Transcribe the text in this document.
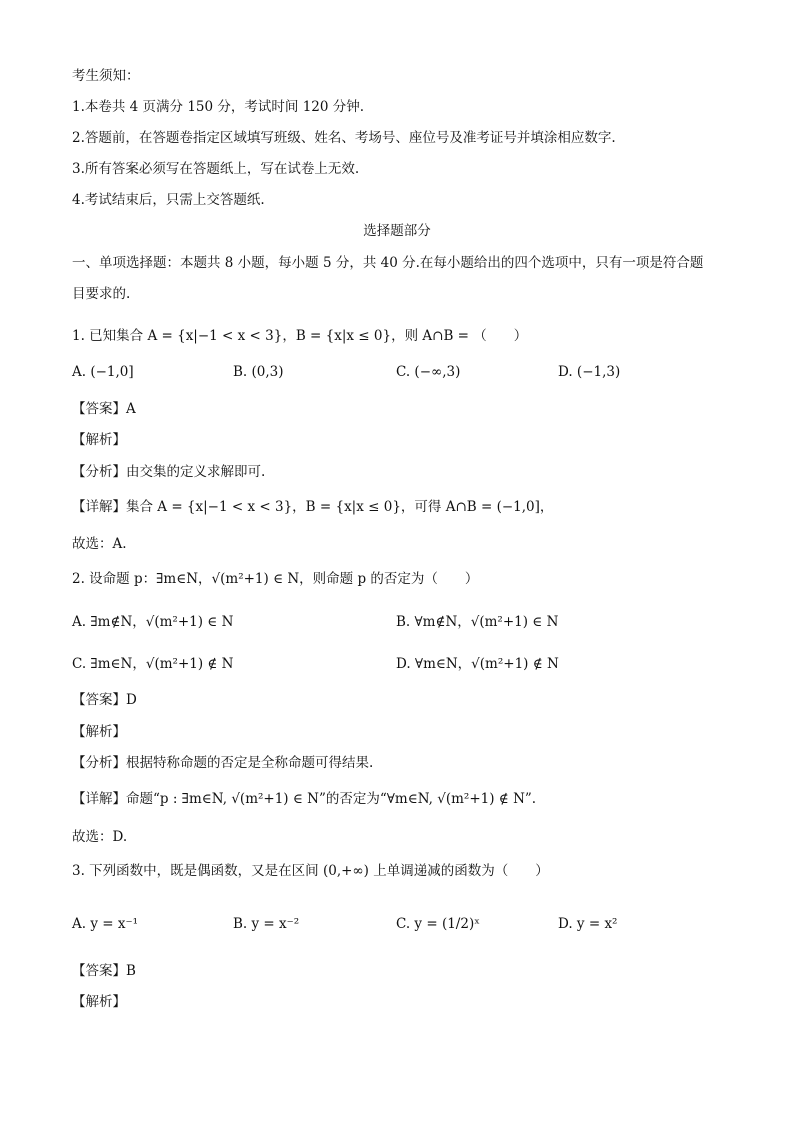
考生须知：
1.本卷共 4 页满分 150 分，考试时间 120 分钟.
2.答题前，在答题卷指定区域填写班级、姓名、考场号、座位号及准考证号并填涂相应数字.
3.所有答案必须写在答题纸上，写在试卷上无效.
4.考试结束后，只需上交答题纸.
选择题部分
一、单项选择题：本题共 8 小题，每小题 5 分，共 40 分.在每小题给出的四个选项中，只有一项是符合题
目要求的.
1. 已知集合 A = {x|−1 < x < 3}，B = {x|x ≤ 0}，则 A∩B = （　　）
A. (−1,0]	B. (0,3)	C. (−∞,3)	D. (−1,3)
【答案】A
【解析】
【分析】由交集的定义求解即可.
【详解】集合 A = {x|−1 < x < 3}，B = {x|x ≤ 0}，可得 A∩B = (−1,0]，
故选：A.
2. 设命题 p：∃m∈N，√(m²+1) ∈ N，则命题 p 的否定为（　　）
A. ∃m∉N，√(m²+1) ∈ N	B. ∀m∉N，√(m²+1) ∈ N
C. ∃m∈N，√(m²+1) ∉ N	D. ∀m∈N，√(m²+1) ∉ N
【答案】D
【解析】
【分析】根据特称命题的否定是全称命题可得结果.
【详解】命题“p : ∃m∈N, √(m²+1) ∈ N”的否定为“∀m∈N, √(m²+1) ∉ N”.
故选：D.
3. 下列函数中，既是偶函数，又是在区间 (0,+∞) 上单调递减的函数为（　　）
A. y = x⁻¹	B. y = x⁻²	C. y = (1/2)ˣ	D. y = x²
【答案】B
【解析】
